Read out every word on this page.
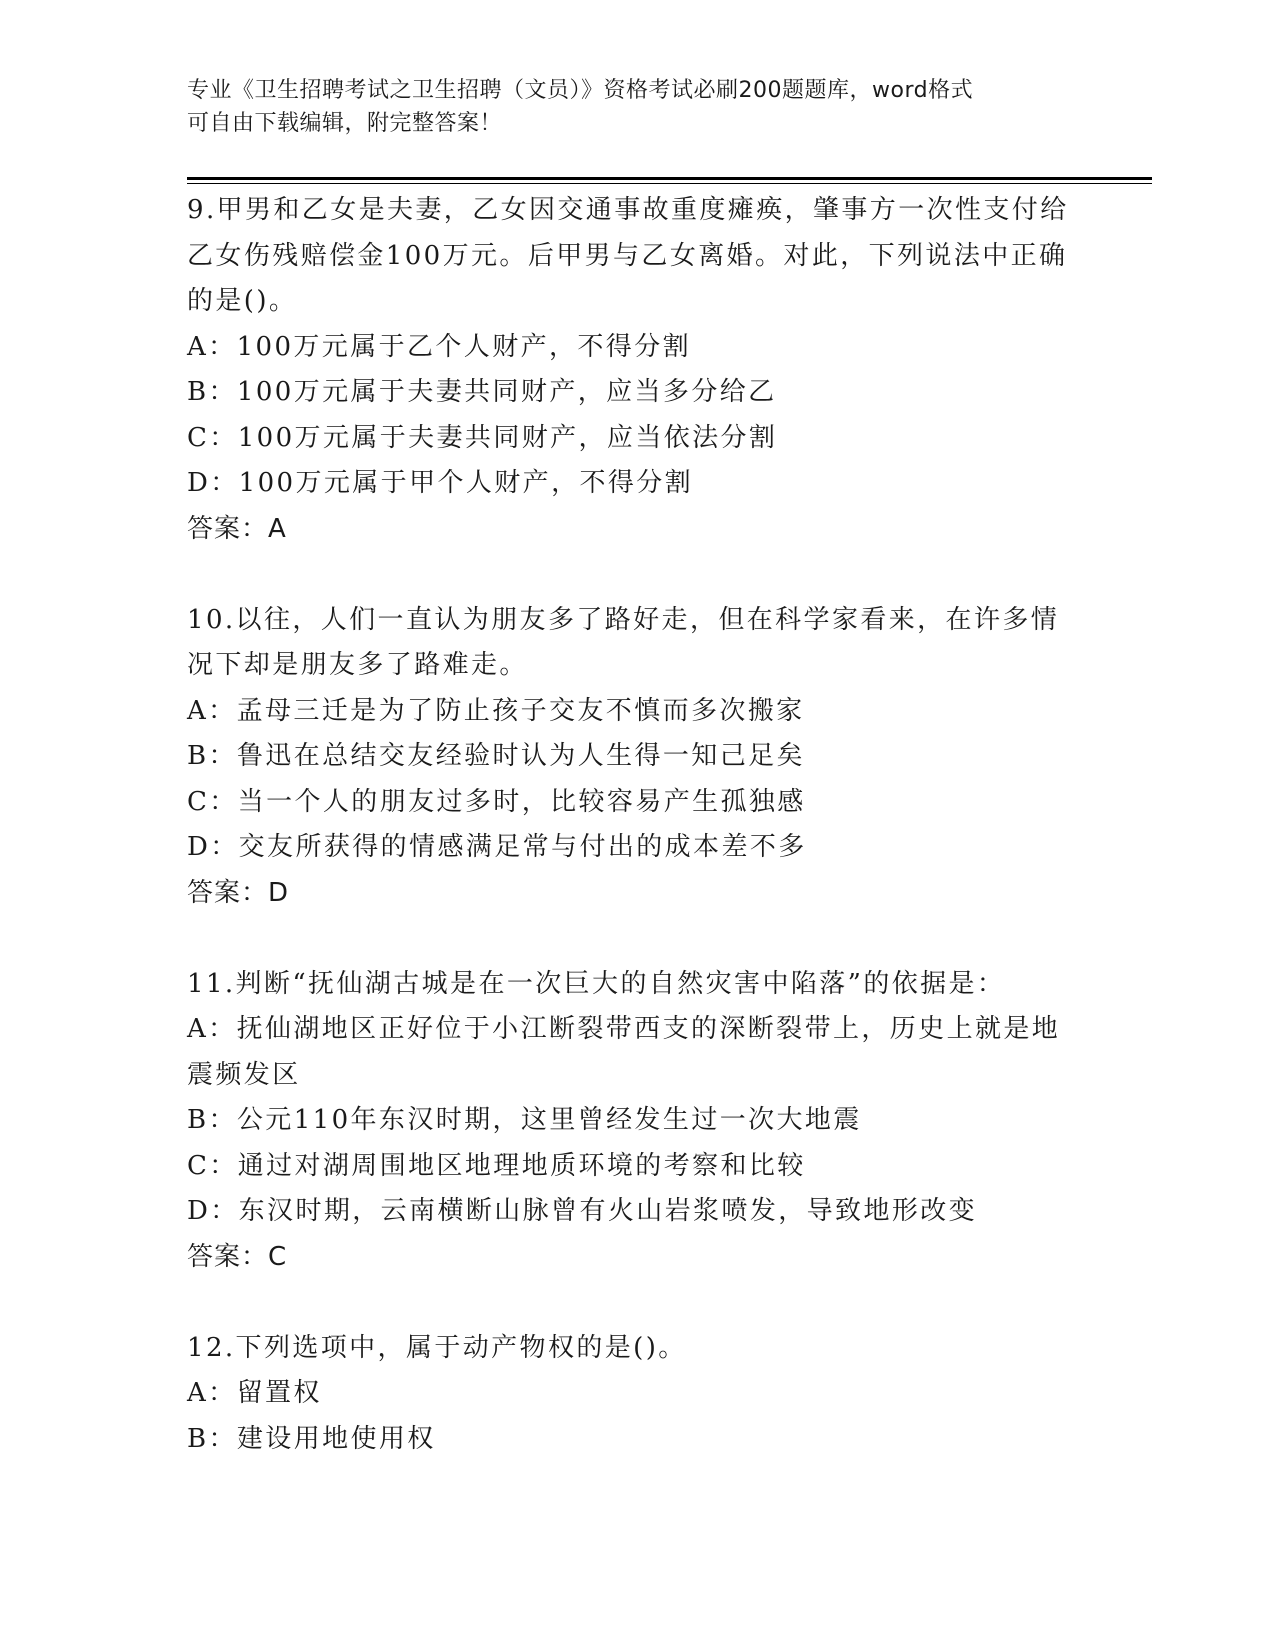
专业《卫生招聘考试之卫生招聘（文员）》资格考试必刷200题题库，word格式
可自由下载编辑，附完整答案！

9.甲男和乙女是夫妻，乙女因交通事故重度瘫痪，肇事方一次性支付给乙女伤残赔偿金100万元。后甲男与乙女离婚。对此，下列说法中正确的是()。

A：100万元属于乙个人财产，不得分割

B：100万元属于夫妻共同财产，应当多分给乙

C：100万元属于夫妻共同财产，应当依法分割

D：100万元属于甲个人财产，不得分割

答案：A

10.以往，人们一直认为朋友多了路好走，但在科学家看来，在许多情况下却是朋友多了路难走。

A：孟母三迁是为了防止孩子交友不慎而多次搬家

B：鲁迅在总结交友经验时认为人生得一知己足矣

C：当一个人的朋友过多时，比较容易产生孤独感

D：交友所获得的情感满足常与付出的成本差不多

答案：D

11.判断“抚仙湖古城是在一次巨大的自然灾害中陷落”的依据是：

A：抚仙湖地区正好位于小江断裂带西支的深断裂带上，历史上就是地震频发区

B：公元110年东汉时期，这里曾经发生过一次大地震

C：通过对湖周围地区地理地质环境的考察和比较

D：东汉时期，云南横断山脉曾有火山岩浆喷发，导致地形改变

答案：C

12.下列选项中，属于动产物权的是()。

A：留置权

B：建设用地使用权
